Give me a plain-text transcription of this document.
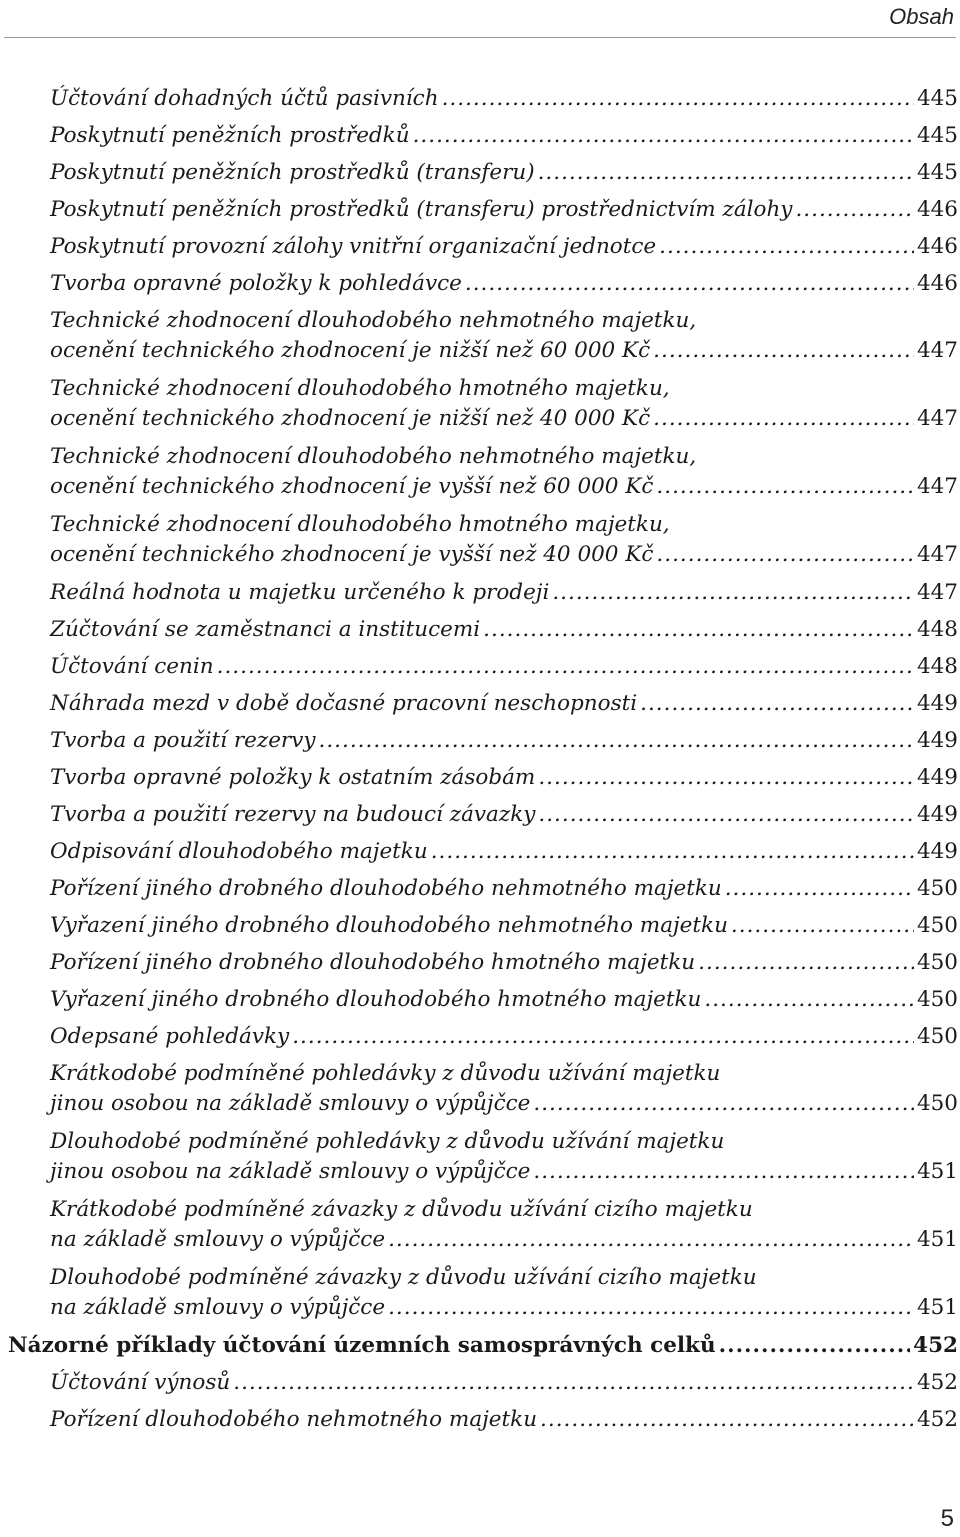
Obsah
Účtování dohadných účtů pasivních .....	445
Poskytnutí peněžních prostředků .....	445
Poskytnutí peněžních prostředků (transferu) .....	445
Poskytnutí peněžních prostředků (transferu) prostřednictvím zálohy .....	446
Poskytnutí provozní zálohy vnitřní organizační jednotce .....	446
Tvorba opravné položky k pohledávce .....	446
Technické zhodnocení dlouhodobého nehmotného majetku,
ocenění technického zhodnocení je nižší než 60 000 Kč .....	447
Technické zhodnocení dlouhodobého hmotného majetku,
ocenění technického zhodnocení je nižší než 40 000 Kč .....	447
Technické zhodnocení dlouhodobého nehmotného majetku,
ocenění technického zhodnocení je vyšší než 60 000 Kč .....	447
Technické zhodnocení dlouhodobého hmotného majetku,
ocenění technického zhodnocení je vyšší než 40 000 Kč .....	447
Reálná hodnota u majetku určeného k prodeji .....	447
Zúčtování se zaměstnanci a institucemi .....	448
Účtování cenin .....	448
Náhrada mezd v době dočasné pracovní neschopnosti .....	449
Tvorba a použití rezervy .....	449
Tvorba opravné položky k ostatním zásobám .....	449
Tvorba a použití rezervy na budoucí závazky .....	449
Odpisování dlouhodobého majetku .....	449
Pořízení jiného drobného dlouhodobého nehmotného majetku .....	450
Vyřazení jiného drobného dlouhodobého nehmotného majetku .....	450
Pořízení jiného drobného dlouhodobého hmotného majetku .....	450
Vyřazení jiného drobného dlouhodobého hmotného majetku .....	450
Odepsané pohledávky .....	450
Krátkodobé podmíněné pohledávky z důvodu užívání majetku
jinou osobou na základě smlouvy o výpůjčce .....	450
Dlouhodobé podmíněné pohledávky z důvodu užívání majetku
jinou osobou na základě smlouvy o výpůjčce .....	451
Krátkodobé podmíněné závazky z důvodu užívání cizího majetku
na základě smlouvy o výpůjčce .....	451
Dlouhodobé podmíněné závazky z důvodu užívání cizího majetku
na základě smlouvy o výpůjčce .....	451
Názorné příklady účtování územních samosprávných celků .....	452
Účtování výnosů .....	452
Pořízení dlouhodobého nehmotného majetku .....	452
5
